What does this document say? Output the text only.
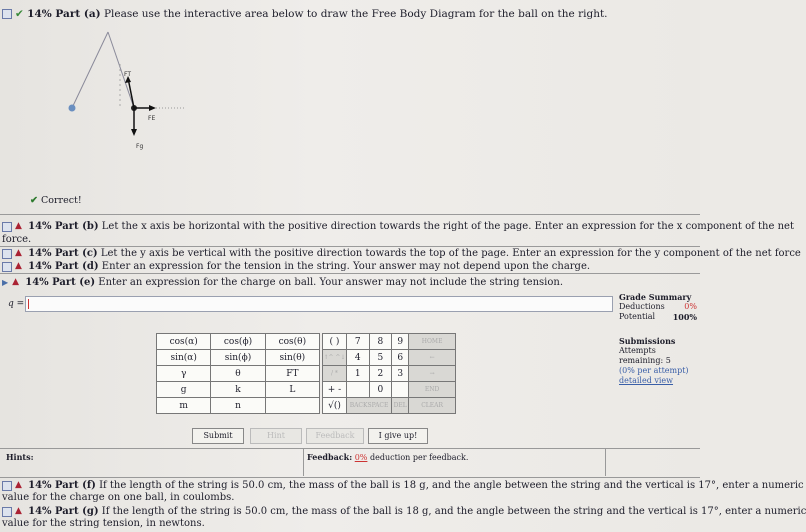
✔ 14% Part (a) Please use the interactive area below to draw the Free Body Diagram for the ball on the right.
FT
FE
Fg
✔ Correct!
▲ 14% Part (b) Let the x axis be horizontal with the positive direction towards the right of the page. Enter an expression for the x component of the net
force.
▲ 14% Part (c) Let the y axis be vertical with the positive direction towards the top of the page. Enter an expression for the y component of the net force
▲ 14% Part (d) Enter an expression for the tension in the string. Your answer may not depend upon the charge.
▶ ▲ 14% Part (e) Enter an expression for the charge on ball. Your answer may not include the string tension.
q =
Grade Summary
Deductions 0%
Potential 100%
Submissions
Attempts remaining: 5
(0% per attempt)
detailed view
cos(α)	cos(ϕ)	cos(θ)
sin(α)	sin(ϕ)	sin(θ)
γ	θ	FT
g	k	L
m	n	
( )	7	8	9	HOME
↑^ ^↓	4	5	6	←
/ *	1	2	3	→
+ -		0		END
√()	BACKSPACE		DEL	CLEAR
Submit	Hint	Feedback	I give up!
Hints:	Feedback: 0% deduction per feedback.
▲ 14% Part (f) If the length of the string is 50.0 cm, the mass of the ball is 18 g, and the angle between the string and the vertical is 17°, enter a numeric
value for the charge on one ball, in coulombs.
▲ 14% Part (g) If the length of the string is 50.0 cm, the mass of the ball is 18 g, and the angle between the string and the vertical is 17°, enter a numeric
value for the string tension, in newtons.
